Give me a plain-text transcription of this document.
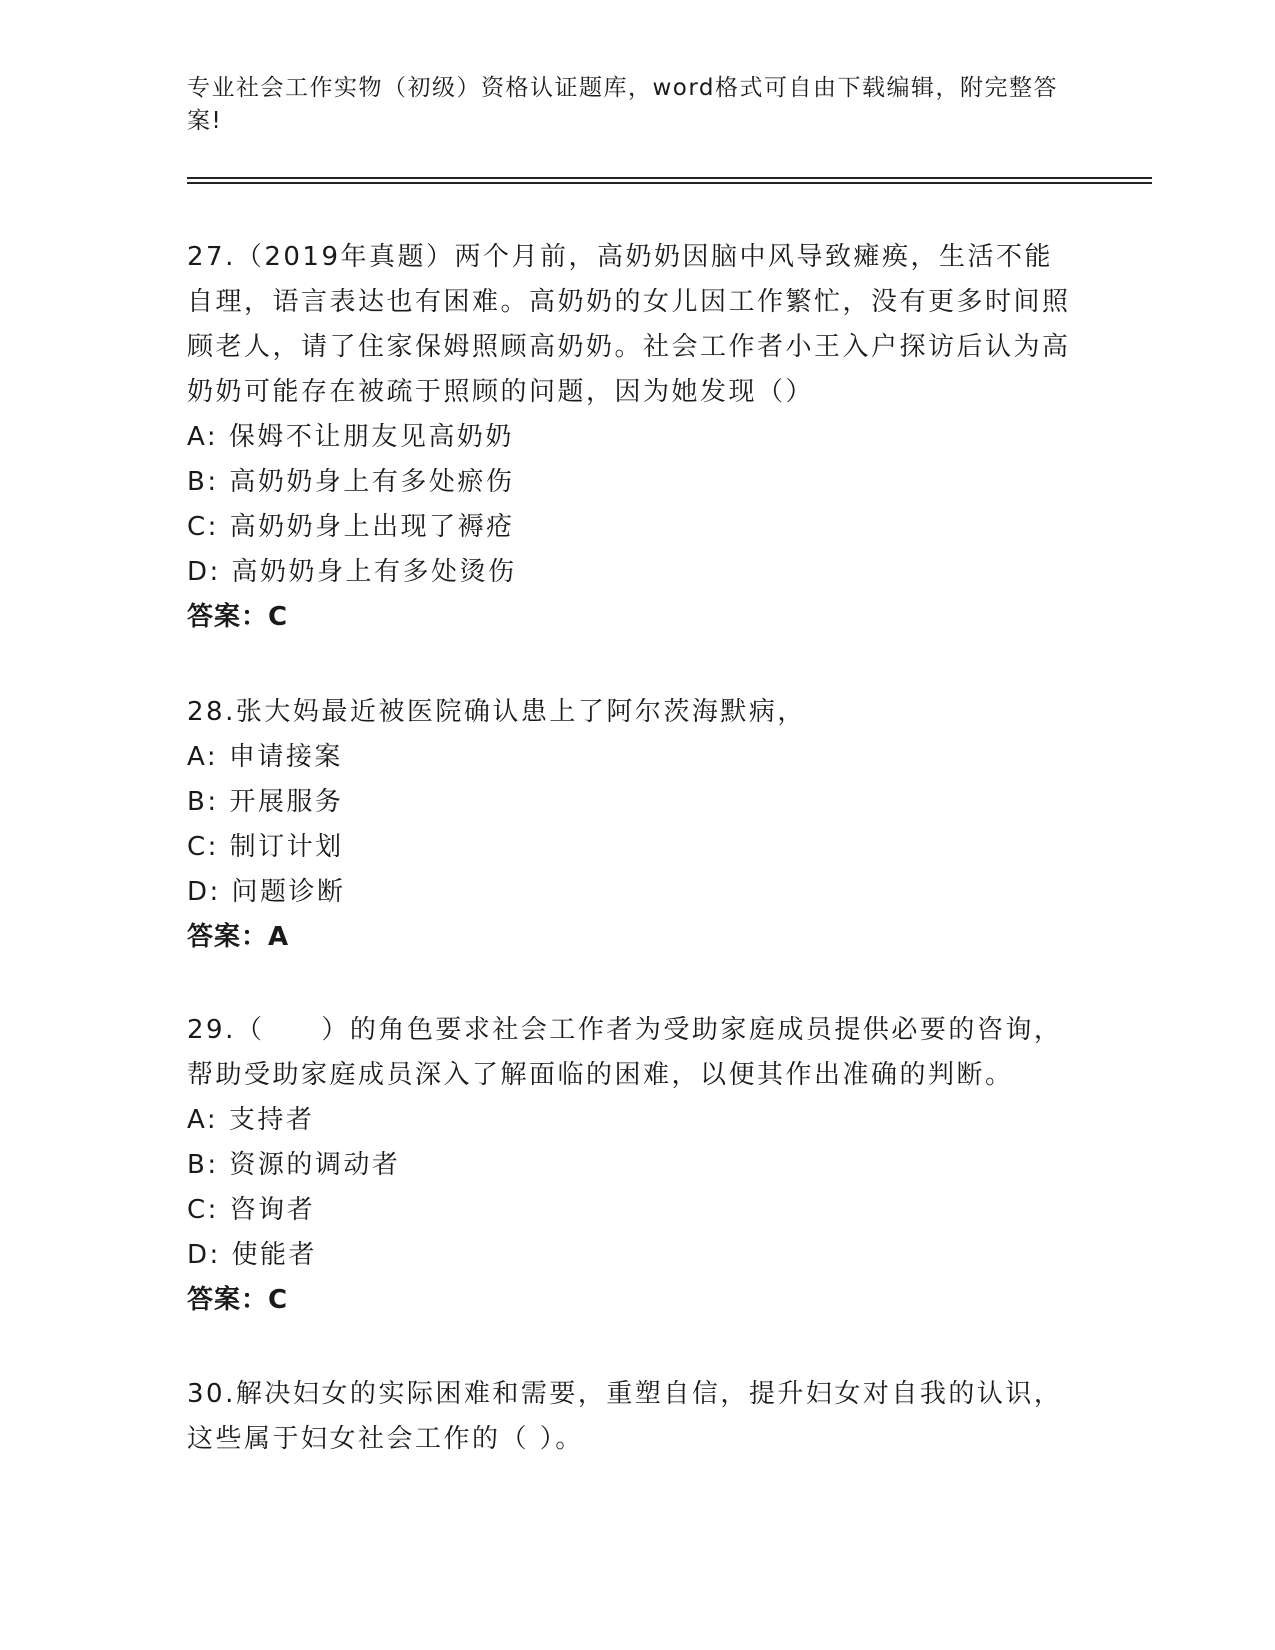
专业社会工作实物（初级）资格认证题库，word格式可自由下载编辑，附完整答案!
27.（2019年真题）两个月前，高奶奶因脑中风导致瘫痪，生活不能自理，语言表达也有困难。高奶奶的女儿因工作繁忙，没有更多时间照顾老人，请了住家保姆照顾高奶奶。社会工作者小王入户探访后认为高奶奶可能存在被疏于照顾的问题，因为她发现（）
A: 保姆不让朋友见高奶奶
B: 高奶奶身上有多处瘀伤
C: 高奶奶身上出现了褥疮
D: 高奶奶身上有多处烫伤
答案：C
28.张大妈最近被医院确认患上了阿尔茨海默病，
A: 申请接案
B: 开展服务
C: 制订计划
D: 问题诊断
答案：A
29.（　　）的角色要求社会工作者为受助家庭成员提供必要的咨询，帮助受助家庭成员深入了解面临的困难，以便其作出准确的判断。
A: 支持者
B: 资源的调动者
C: 咨询者
D: 使能者
答案：C
30.解决妇女的实际困难和需要，重塑自信，提升妇女对自我的认识，这些属于妇女社会工作的（ ）。
